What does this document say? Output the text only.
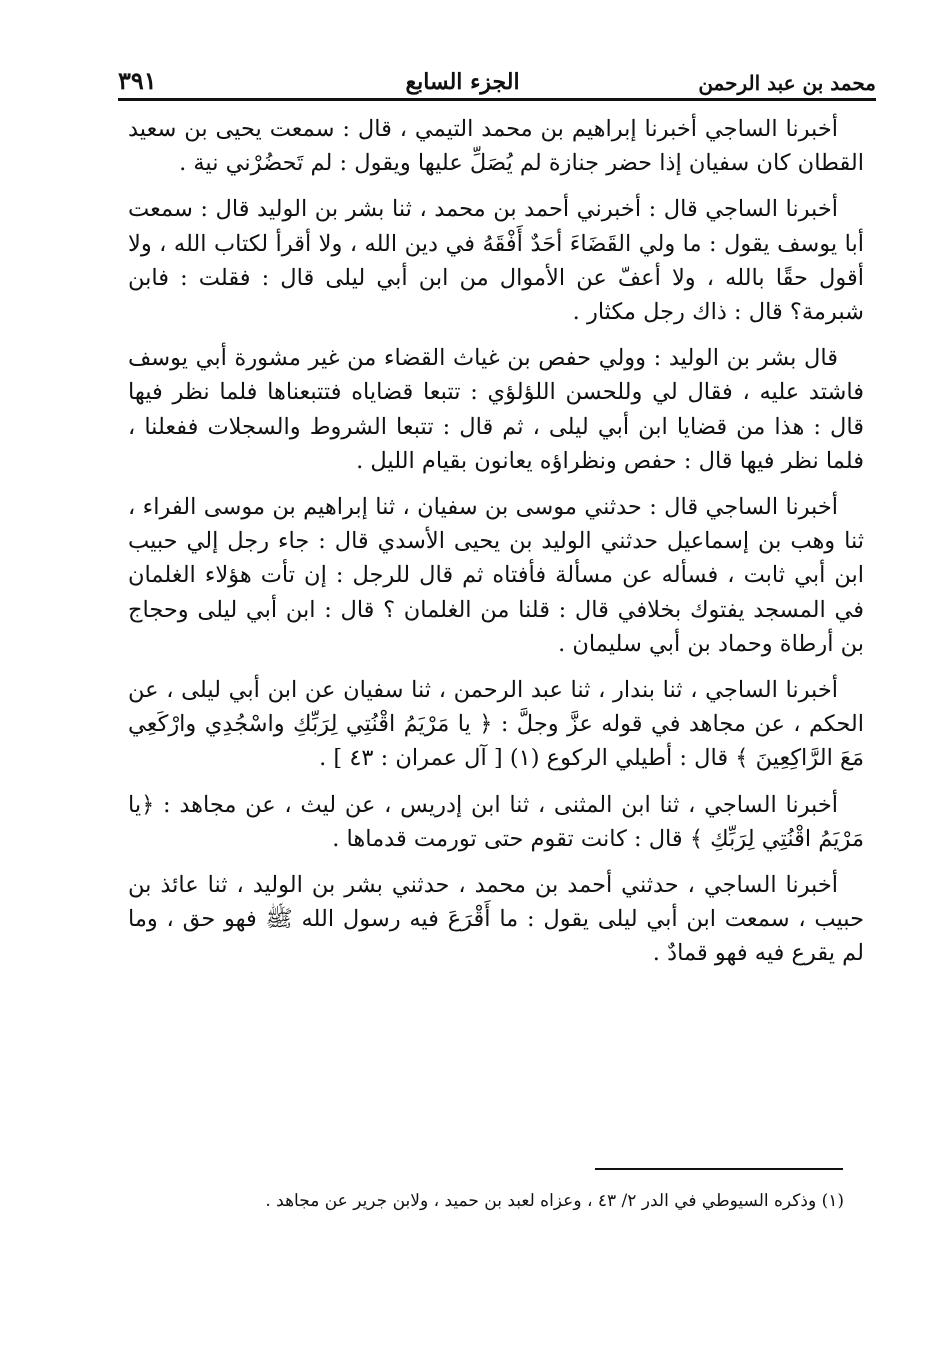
محمد بن عبد الرحمن
الجزء السابع
٣٩١

أخبرنا الساجي أخبرنا إبراهيم بن محمد التيمي ، قال : سمعت يحيى بن سعيد القطان كان سفيان إذا حضر جنازة لم يُصَلِّ عليها ويقول : لم تَحضُرْني نية .

أخبرنا الساجي قال : أخبرني أحمد بن محمد ، ثنا بشر بن الوليد قال : سمعت أبا يوسف يقول : ما ولي القَضَاءَ أحَدٌ أَفْقَهُ في دين الله ، ولا أقرأ لكتاب الله ، ولا أقول حقًا بالله ، ولا أعفّ عن الأموال من ابن أبي ليلى قال : فقلت : فابن شبرمة؟ قال : ذاك رجل مكثار .

قال بشر بن الوليد : وولي حفص بن غياث القضاء من غير مشورة أبي يوسف فاشتد عليه ، فقال لي وللحسن اللؤلؤي : تتبعا قضاياه فتتبعناها فلما نظر فيها قال : هذا من قضايا ابن أبي ليلى ، ثم قال : تتبعا الشروط والسجلات ففعلنا ، فلما نظر فيها قال : حفص ونظراؤه يعانون بقيام الليل .

أخبرنا الساجي قال : حدثني موسى بن سفيان ، ثنا إبراهيم بن موسى الفراء ، ثنا وهب بن إسماعيل حدثني الوليد بن يحيى الأسدي قال : جاء رجل إلي حبيب ابن أبي ثابت ، فسأله عن مسألة فأفتاه ثم قال للرجل : إن تأت هؤلاء الغلمان في المسجد يفتوك بخلافي قال : قلنا من الغلمان ؟ قال : ابن أبي ليلى وحجاج بن أرطاة وحماد بن أبي سليمان .

أخبرنا الساجي ، ثنا بندار ، ثنا عبد الرحمن ، ثنا سفيان عن ابن أبي ليلى ، عن الحكم ، عن مجاهد في قوله عزَّ وجلَّ : ﴿ يا مَرْيَمُ اقْنُتِي لِرَبِّكِ واسْجُدِي وارْكَعِي مَعَ الرَّاكِعِينَ ﴾ قال : أطيلي الركوع (١) [ آل عمران : ٤٣ ] .

أخبرنا الساجي ، ثنا ابن المثنى ، ثنا ابن إدريس ، عن ليث ، عن مجاهد : ﴿يا مَرْيَمُ اقْنُتِي لِرَبِّكِ ﴾ قال : كانت تقوم حتى تورمت قدماها .

أخبرنا الساجي ، حدثني أحمد بن محمد ، حدثني بشر بن الوليد ، ثنا عائذ بن حبيب ، سمعت ابن أبي ليلى يقول : ما أَقْرَعَ فيه رسول الله ﷺ فهو حق ، وما لم يقرع فيه فهو قمادٌ .

(١) وذكره السيوطي في الدر ٢/ ٤٣ ، وعزاه لعبد بن حميد ، ولابن جرير عن مجاهد .
